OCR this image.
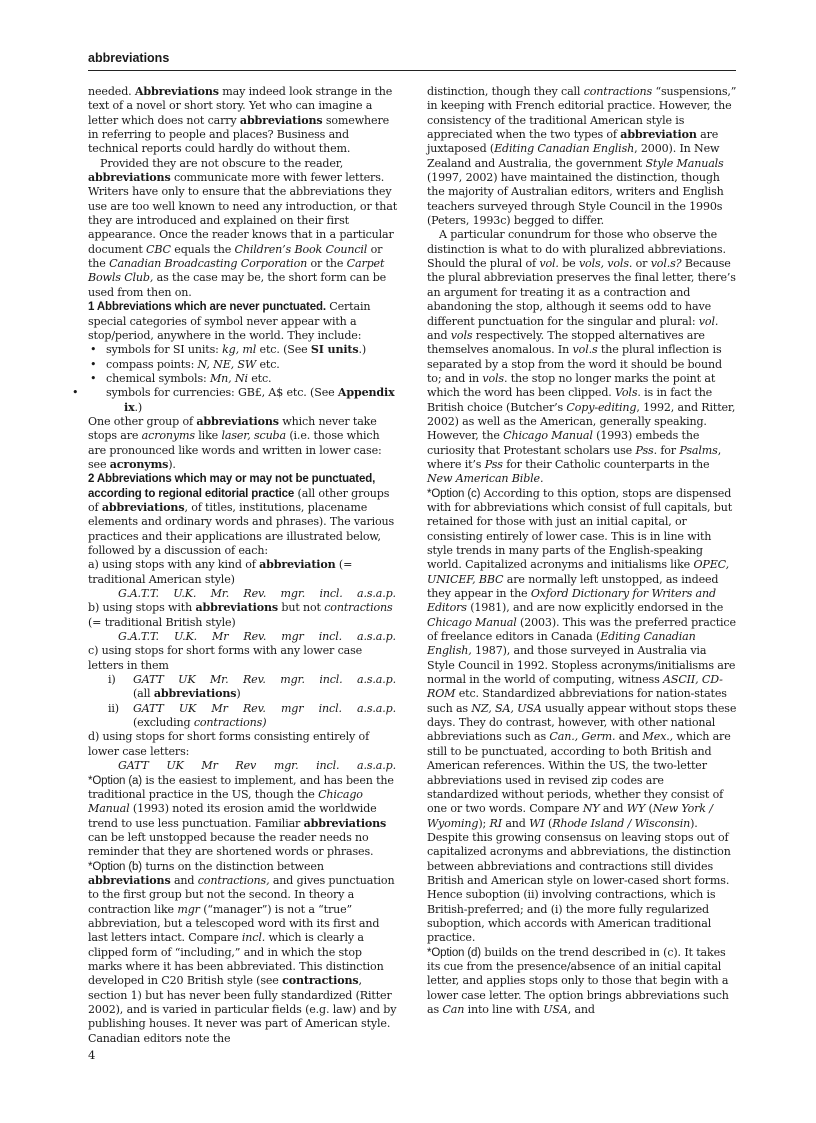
abbreviations

needed. Abbreviations may indeed look strange in the text of a novel or short story. Yet who can imagine a letter which does not carry abbreviations somewhere in referring to people and places? Business and technical reports could hardly do without them.

Provided they are not obscure to the reader, abbreviations communicate more with fewer letters. Writers have only to ensure that the abbreviations they use are too well known to need any introduction, or that they are introduced and explained on their first appearance. Once the reader knows that in a particular document CBC equals the Children’s Book Council or the Canadian Broadcasting Corporation or the Carpet Bowls Club, as the case may be, the short form can be used from then on.

1 Abbreviations which are never punctuated. Certain special categories of symbol never appear with a stop/period, anywhere in the world. They include:

• symbols for SI units: kg, ml etc. (See SI units.)
• compass points: N, NE, SW etc.
• chemical symbols: Mn, Ni etc.
• symbols for currencies: GB£, A$ etc. (See Appendix ix.)

One other group of abbreviations which never take stops are acronyms like laser, scuba (i.e. those which are pronounced like words and written in lower case: see acronyms).

2 Abbreviations which may or may not be punctuated, according to regional editorial practice (all other groups of abbreviations, of titles, institutions, placename elements and ordinary words and phrases). The various practices and their applications are illustrated below, followed by a discussion of each:

a) using stops with any kind of abbreviation (= traditional American style)

G.A.T.T. U.K. Mr. Rev. mgr. incl. a.s.a.p.

b) using stops with abbreviations but not contractions (= traditional British style)

G.A.T.T. U.K. Mr Rev. mgr incl. a.s.a.p.

c) using stops for short forms with any lower case letters in them

i)	GATT UK Mr. Rev. mgr. incl. a.s.a.p.

(all abbreviations)

ii)	GATT UK Mr Rev. mgr incl. a.s.a.p.

(excluding contractions)

d) using stops for short forms consisting entirely of lower case letters:

GATT UK Mr Rev mgr. incl. a.s.a.p.

*Option (a) is the easiest to implement, and has been the traditional practice in the US, though the Chicago Manual (1993) noted its erosion amid the worldwide trend to use less punctuation. Familiar abbreviations can be left unstopped because the reader needs no reminder that they are shortened words or phrases.

*Option (b) turns on the distinction between abbreviations and contractions, and gives punctuation to the first group but not the second. In theory a contraction like mgr (“manager”) is not a “true” abbreviation, but a telescoped word with its first and last letters intact. Compare incl. which is clearly a clipped form of “including,” and in which the stop marks where it has been abbreviated. This distinction developed in C20 British style (see contractions, section 1) but has never been fully standardized (Ritter 2002), and is varied in particular fields (e.g. law) and by publishing houses. It never was part of American style. Canadian editors note the

distinction, though they call contractions “suspensions,” in keeping with French editorial practice. However, the consistency of the traditional American style is appreciated when the two types of abbreviation are juxtaposed (Editing Canadian English, 2000). In New Zealand and Australia, the government Style Manuals (1997, 2002) have maintained the distinction, though the majority of Australian editors, writers and English teachers surveyed through Style Council in the 1990s (Peters, 1993c) begged to differ.

A particular conundrum for those who observe the distinction is what to do with pluralized abbreviations. Should the plural of vol. be vols, vols. or vol.s? Because the plural abbreviation preserves the final letter, there’s an argument for treating it as a contraction and abandoning the stop, although it seems odd to have different punctuation for the singular and plural: vol. and vols respectively. The stopped alternatives are themselves anomalous. In vol.s the plural inflection is separated by a stop from the word it should be bound to; and in vols. the stop no longer marks the point at which the word has been clipped. Vols. is in fact the British choice (Butcher’s Copy-editing, 1992, and Ritter, 2002) as well as the American, generally speaking. However, the Chicago Manual (1993) embeds the curiosity that Protestant scholars use Pss. for Psalms, where it’s Pss for their Catholic counterparts in the New American Bible.

*Option (c) According to this option, stops are dispensed with for abbreviations which consist of full capitals, but retained for those with just an initial capital, or consisting entirely of lower case. This is in line with style trends in many parts of the English-speaking world. Capitalized acronyms and initialisms like OPEC, UNICEF, BBC are normally left unstopped, as indeed they appear in the Oxford Dictionary for Writers and Editors (1981), and are now explicitly endorsed in the Chicago Manual (2003). This was the preferred practice of freelance editors in Canada (Editing Canadian English, 1987), and those surveyed in Australia via Style Council in 1992. Stopless acronyms/initialisms are normal in the world of computing, witness ASCII, CD-ROM etc. Standardized abbreviations for nation-states such as NZ, SA, USA usually appear without stops these days. They do contrast, however, with other national abbreviations such as Can., Germ. and Mex., which are still to be punctuated, according to both British and American references. Within the US, the two-letter abbreviations used in revised zip codes are standardized without periods, whether they consist of one or two words. Compare NY and WY (New York / Wyoming); RI and WI (Rhode Island / Wisconsin). Despite this growing consensus on leaving stops out of capitalized acronyms and abbreviations, the distinction between abbreviations and contractions still divides British and American style on lower-cased short forms. Hence suboption (ii) involving contractions, which is British-preferred; and (i) the more fully regularized suboption, which accords with American traditional practice.

*Option (d) builds on the trend described in (c). It takes its cue from the presence/absence of an initial capital letter, and applies stops only to those that begin with a lower case letter. The option brings abbreviations such as Can into line with USA, and

4
